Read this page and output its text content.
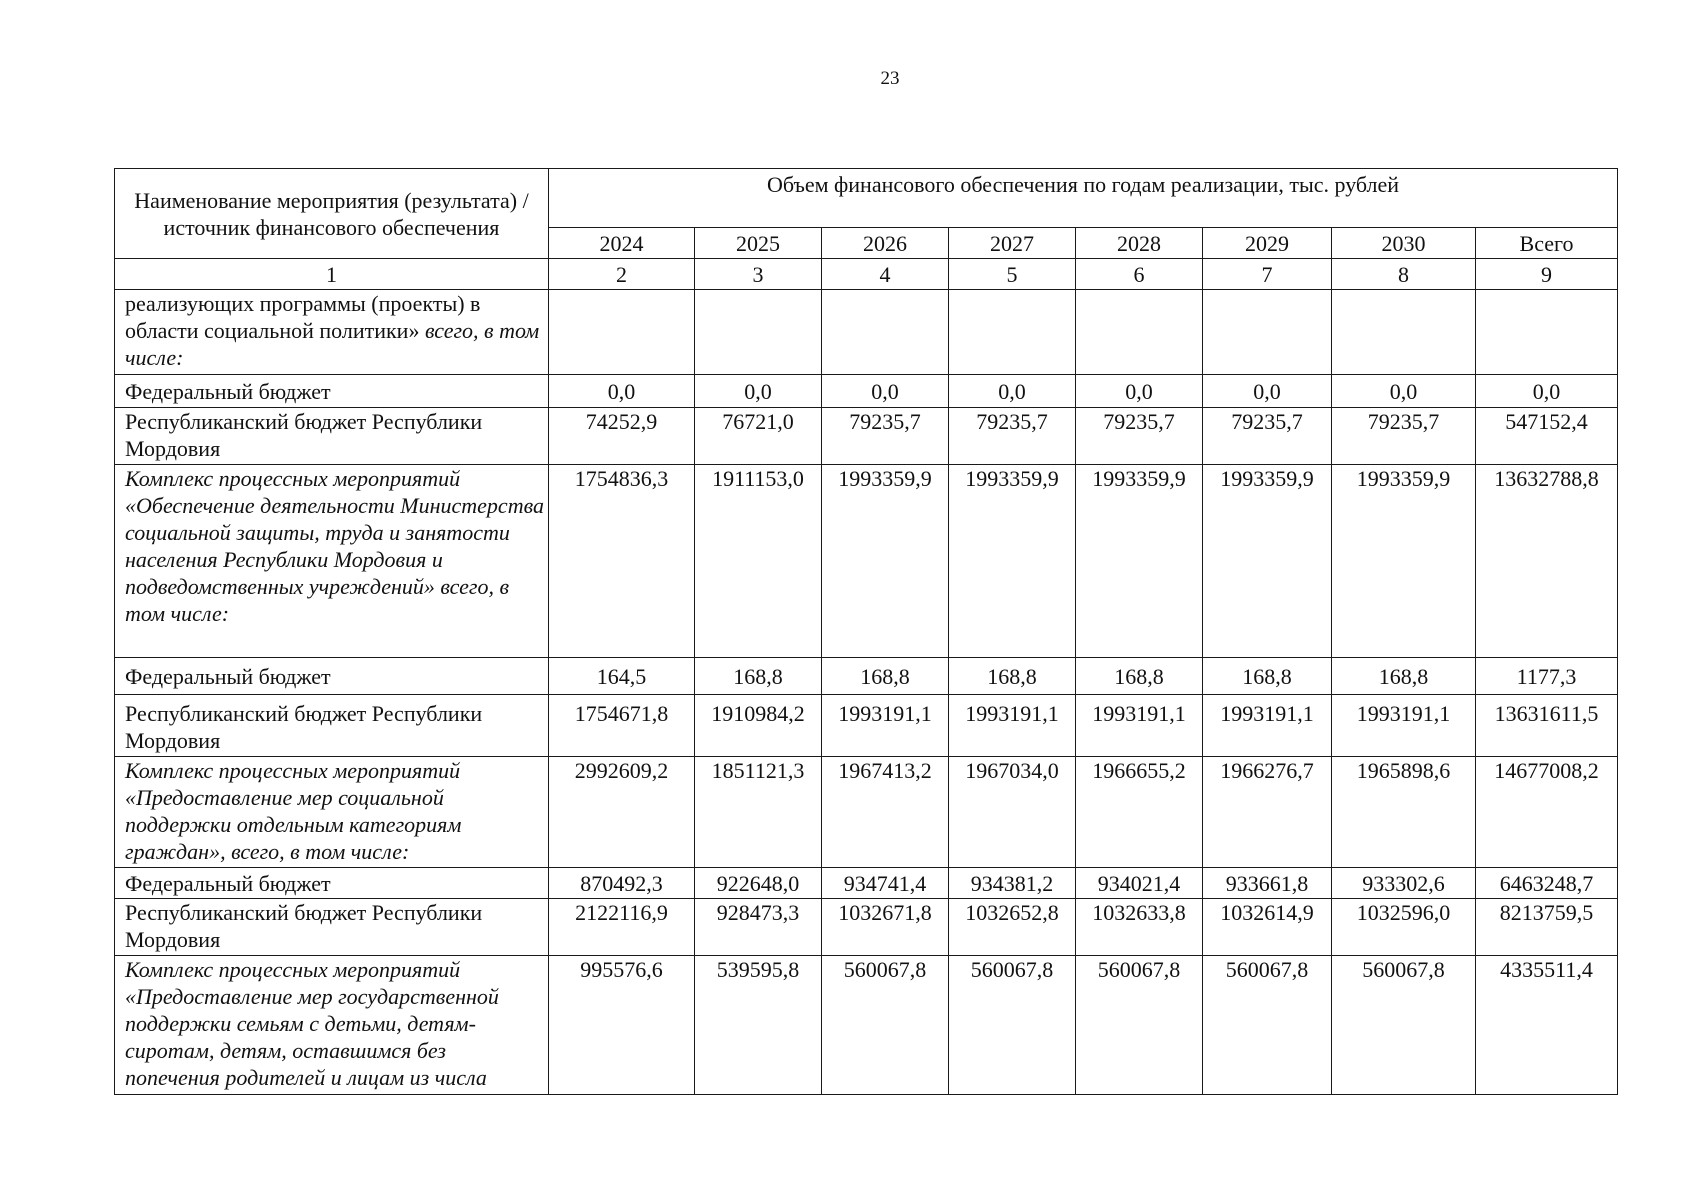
23
Наименование мероприятия (результата) / источник финансового обеспечения	Объем финансового обеспечения по годам реализации, тыс. рублей							
	2024	2025	2026	2027	2028	2029	2030	Всего
1	2	3	4	5	6	7	8	9
реализующих программы (проекты) в области социальной политики» всего, в том числе:								
Федеральный бюджет	0,0	0,0	0,0	0,0	0,0	0,0	0,0	0,0
Республиканский бюджет Республики Мордовия	74252,9	76721,0	79235,7	79235,7	79235,7	79235,7	79235,7	547152,4
Комплекс процессных мероприятий «Обеспечение деятельности Министерства социальной защиты, труда и занятости населения Республики Мордовия и подведомственных учреждений» всего, в том числе:	1754836,3	1911153,0	1993359,9	1993359,9	1993359,9	1993359,9	1993359,9	13632788,8
Федеральный бюджет	164,5	168,8	168,8	168,8	168,8	168,8	168,8	1177,3
Республиканский бюджет Республики Мордовия	1754671,8	1910984,2	1993191,1	1993191,1	1993191,1	1993191,1	1993191,1	13631611,5
Комплекс процессных мероприятий «Предоставление мер социальной поддержки отдельным категориям граждан», всего, в том числе:	2992609,2	1851121,3	1967413,2	1967034,0	1966655,2	1966276,7	1965898,6	14677008,2
Федеральный бюджет	870492,3	922648,0	934741,4	934381,2	934021,4	933661,8	933302,6	6463248,7
Республиканский бюджет Республики Мордовия	2122116,9	928473,3	1032671,8	1032652,8	1032633,8	1032614,9	1032596,0	8213759,5
Комплекс процессных мероприятий «Предоставление мер государственной поддержки семьям с детьми, детям-сиротам, детям, оставшимся без попечения родителей и лицам из числа	995576,6	539595,8	560067,8	560067,8	560067,8	560067,8	560067,8	4335511,4
